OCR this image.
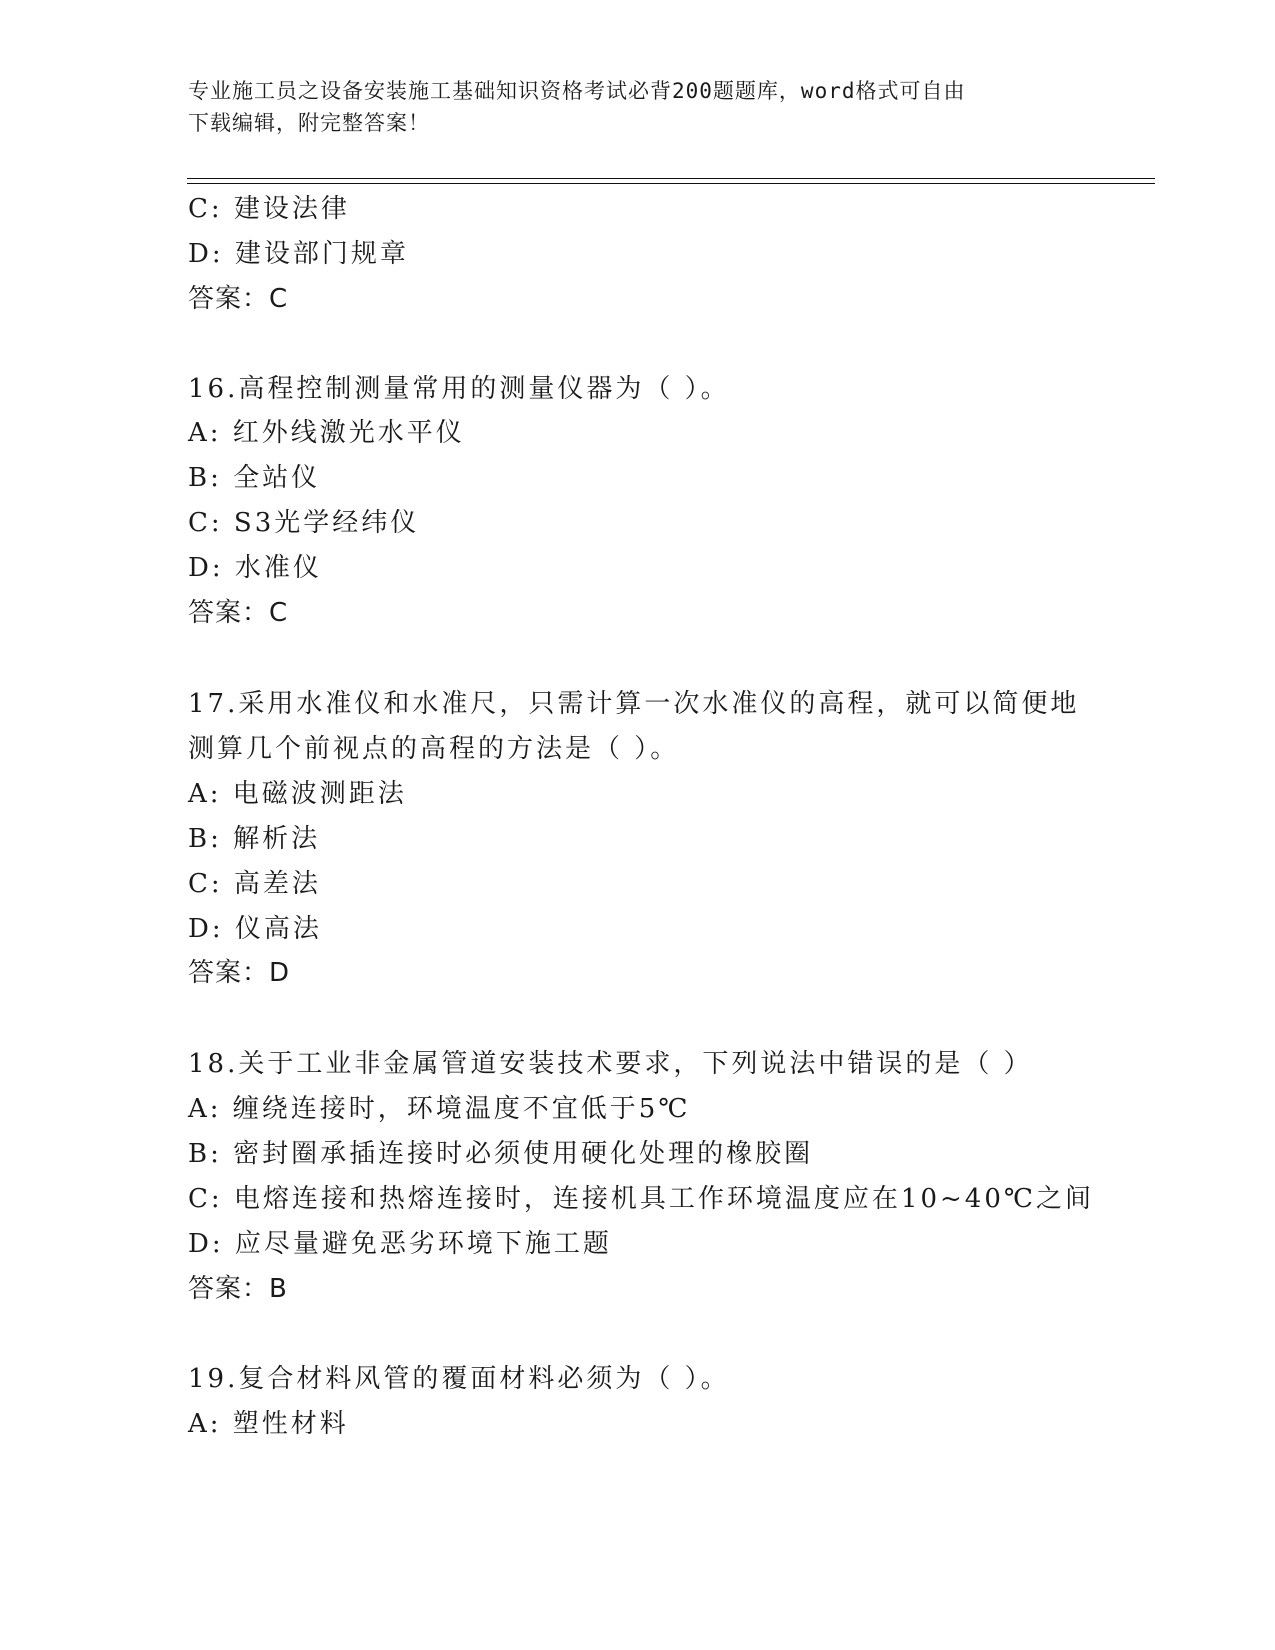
专业施工员之设备安装施工基础知识资格考试必背200题题库，word格式可自由
下载编辑，附完整答案！
C: 建设法律
D: 建设部门规章
答案：C
16.高程控制测量常用的测量仪器为（ ）。
A: 红外线激光水平仪
B: 全站仪
C: S3光学经纬仪
D: 水准仪
答案：C
17.采用水准仪和水准尺，只需计算一次水准仪的高程，就可以简便地
测算几个前视点的高程的方法是（ ）。
A: 电磁波测距法
B: 解析法
C: 高差法
D: 仪高法
答案：D
18.关于工业非金属管道安装技术要求，下列说法中错误的是（ ）
A: 缠绕连接时，环境温度不宜低于5℃
B: 密封圈承插连接时必须使用硬化处理的橡胶圈
C: 电熔连接和热熔连接时，连接机具工作环境温度应在10~40℃之间
D: 应尽量避免恶劣环境下施工题
答案：B
19.复合材料风管的覆面材料必须为（ ）。
A: 塑性材料
